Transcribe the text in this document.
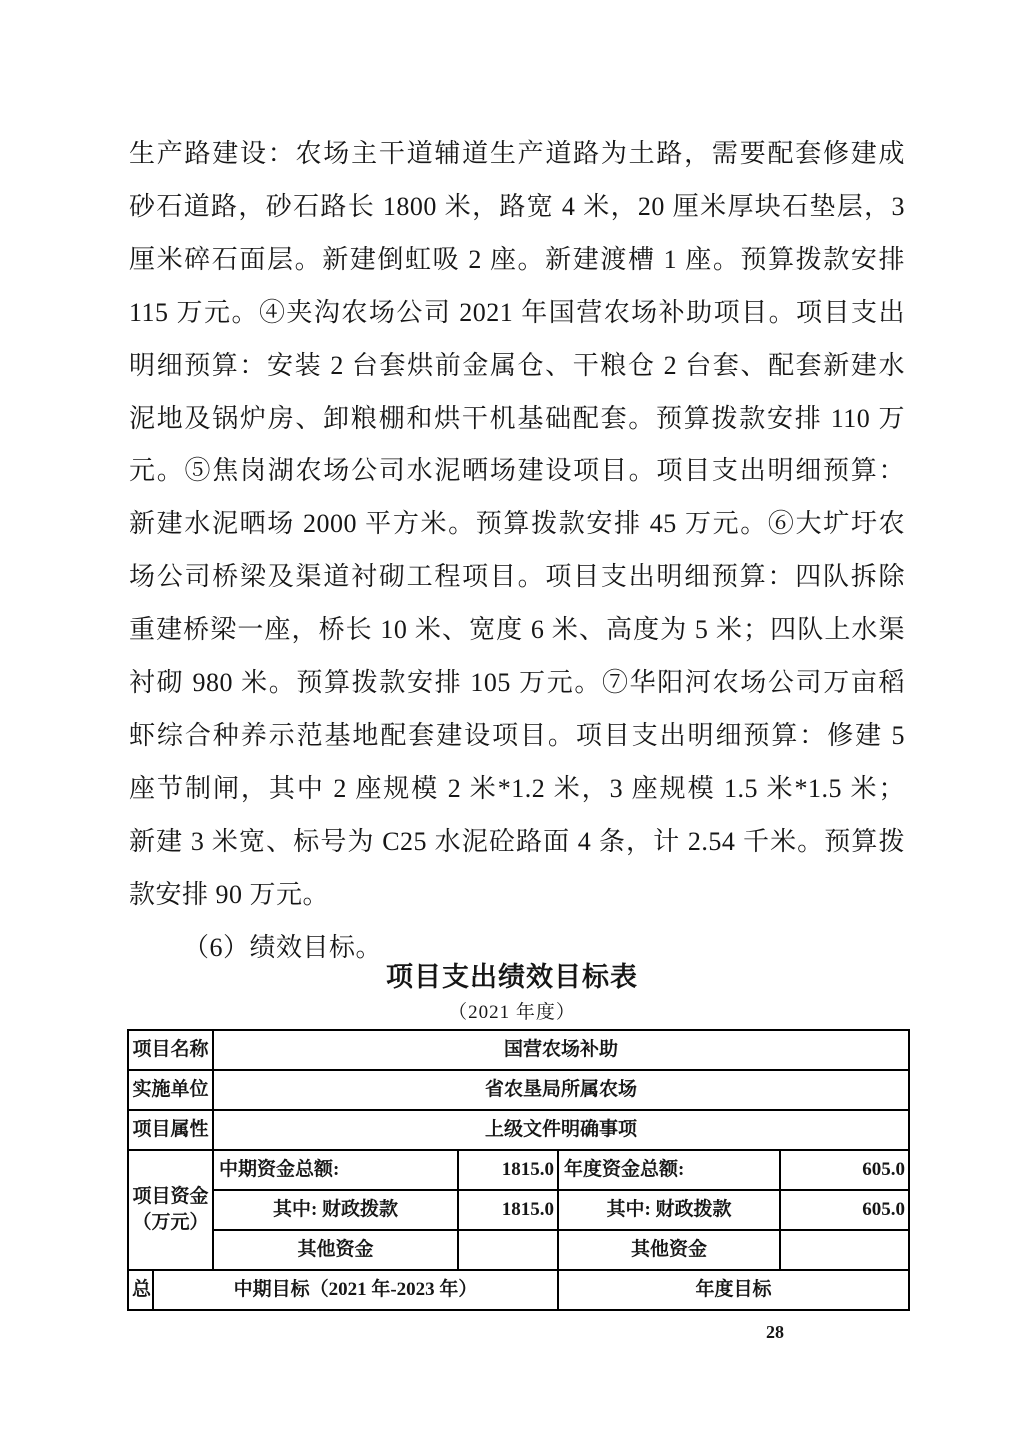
生产路建设：农场主干道辅道生产道路为土路，需要配套修建成
砂石道路，砂石路长 1800 米，路宽 4 米，20 厘米厚块石垫层，3
厘米碎石面层。新建倒虹吸 2 座。新建渡槽 1 座。预算拨款安排
115 万元。④夹沟农场公司 2021 年国营农场补助项目。项目支出
明细预算：安装 2 台套烘前金属仓、干粮仓 2 台套、配套新建水
泥地及锅炉房、卸粮棚和烘干机基础配套。预算拨款安排 110 万
元。⑤焦岗湖农场公司水泥晒场建设项目。项目支出明细预算：
新建水泥晒场 2000 平方米。预算拨款安排 45 万元。⑥大圹圩农
场公司桥梁及渠道衬砌工程项目。项目支出明细预算：四队拆除
重建桥梁一座，桥长 10 米、宽度 6 米、高度为 5 米；四队上水渠
衬砌 980 米。预算拨款安排 105 万元。⑦华阳河农场公司万亩稻
虾综合种养示范基地配套建设项目。项目支出明细预算：修建 5
座节制闸，其中 2 座规模 2 米*1.2 米，3 座规模 1.5 米*1.5 米；
新建 3 米宽、标号为 C25 水泥砼路面 4 条，计 2.54 千米。预算拨
款安排 90 万元。
（6）绩效目标。
项目支出绩效目标表
（2021 年度）
项目名称		国营农场补助			
实施单位		省农垦局所属农场			
项目属性		上级文件明确事项			
项目资金（万元）		中期资金总额:	1815.0	年度资金总额:	605.0
		其中: 财政拨款	1815.0	其中: 财政拨款	605.0
		其他资金		其他资金	
总	中期目标（2021 年-2023 年）			年度目标	
28
